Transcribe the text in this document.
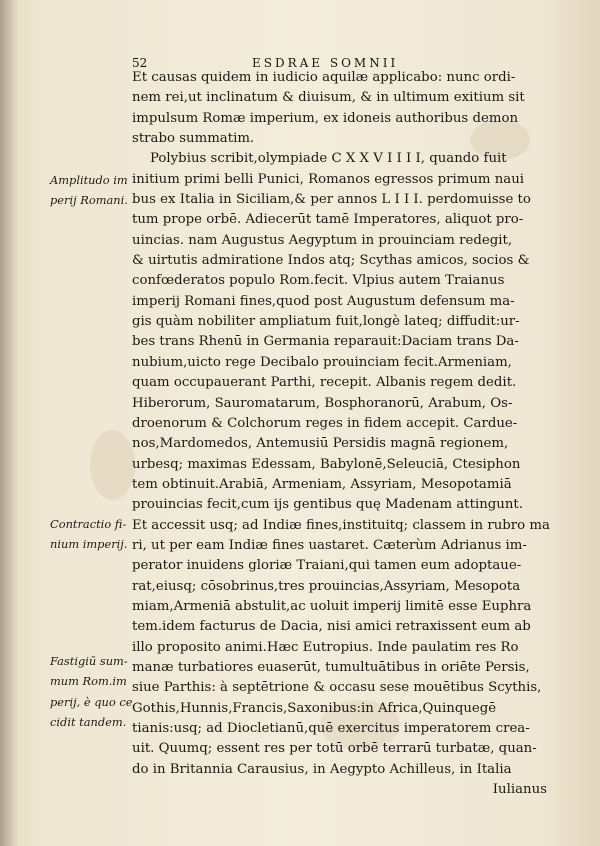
52	ESDRAE SOMNII
Et causas quidem in iudicio aquilæ applicabo: nunc ordi-
nem rei,ut inclinatum & diuisum, & in ultimum exitium sit
impulsum Romæ imperium, ex idoneis authoribus demon
strabo summatim.
Polybius scribit,olympiade C X X V I I I I, quando fuit
initium primi belli Punici, Romanos egressos primum naui
bus ex Italia in Siciliam,& per annos L I I I. perdomuisse to
tum prope orbē. Adiecerūt tamē Imperatores, aliquot pro-
uincias. nam Augustus Aegyptum in prouinciam redegit,
& uirtutis admiratione Indos atq; Scythas amicos, socios &
confœderatos populo Rom.fecit. Vlpius autem Traianus
imperij Romani fines,quod post Augustum defensum ma-
gis quàm nobiliter ampliatum fuit,longè lateq; diffudit:ur-
bes trans Rhenū in Germania reparauit:Daciam trans Da-
nubium,uicto rege Decibalo prouinciam fecit.Armeniam,
quam occupauerant Parthi, recepit. Albanis regem dedit.
Hiberorum, Sauromatarum, Bosphoranorū, Arabum, Os-
droenorum & Colchorum reges in fidem accepit. Cardue-
nos,Mardomedos, Antemusiū Persidis magnā regionem,
urbesq; maximas Edessam, Babylonē,Seleuciā, Ctesiphon
tem obtinuit.Arabiā, Armeniam, Assyriam, Mesopotamiā
prouincias fecit,cum ijs gentibus quę Madenam attingunt.
Et accessit usq; ad Indiæ fines,instituitq; classem in rubro ma
ri, ut per eam Indiæ fines uastaret. Cæterùm Adrianus im-
perator inuidens gloriæ Traiani,qui tamen eum adoptaue-
rat,eiusq; cōsobrinus,tres prouincias,Assyriam, Mesopota
miam,Armeniā abstulit,ac uoluit imperij limitē esse Euphra
tem.idem facturus de Dacia, nisi amici retraxissent eum ab
illo proposito animi.Hæc Eutropius. Inde paulatim res Ro
manæ turbatiores euaserūt, tumultuātibus in oriēte Persis,
siue Parthis: à septētrione & occasu sese mouētibus Scythis,
Gothis,Hunnis,Francis,Saxonibus:in Africa,Quinquegē
tianis:usq; ad Diocletianū,quē exercitus imperatorem crea-
uit. Quumq; essent res per totū orbē terrarū turbatæ, quan-
do in Britannia Carausius, in Aegypto Achilleus, in Italia
Iulianus
Amplitudo im
perij Romani.
Contractio fi-
nium imperij.
Fastigiū sum-
mum Rom.im
perij, è quo ce
cidit tandem.
